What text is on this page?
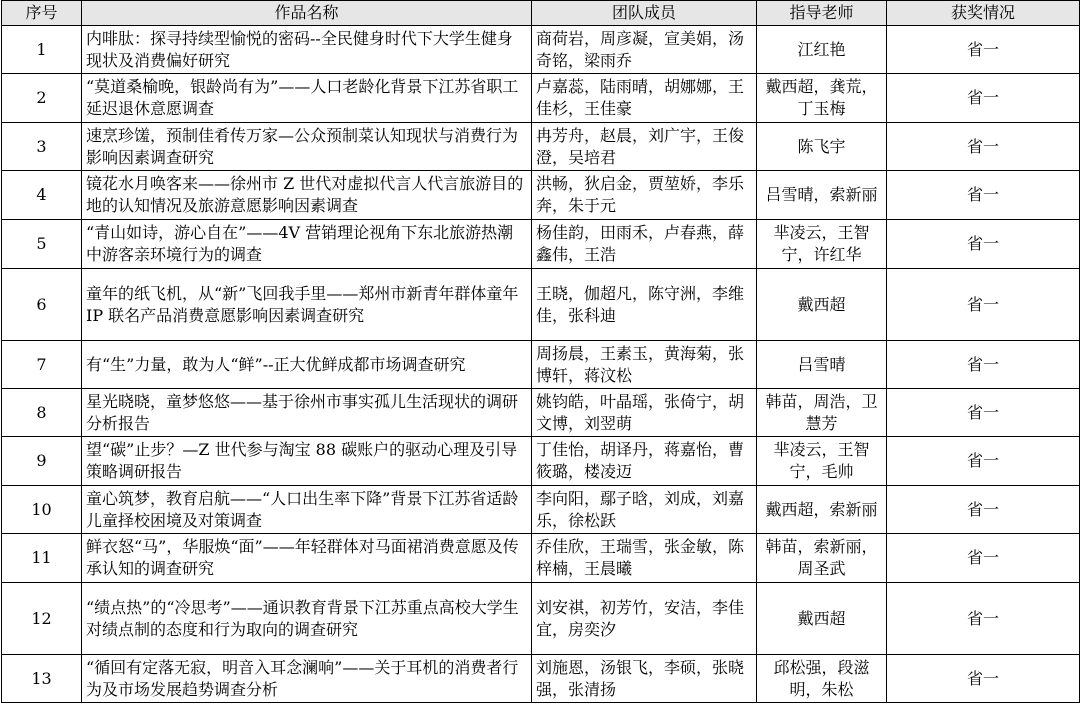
序号	作品名称	团队成员	指导老师	获奖情况
1	内啡肽：探寻持续型愉悦的密码--全民健身时代下大学生健身现状及消费偏好研究	商荷岩，周彦凝，宣美娟，汤奇铭，梁雨乔	江红艳	省一
2	“莫道桑榆晚，银龄尚有为”——人口老龄化背景下江苏省职工延迟退休意愿调查	卢嘉蕊，陆雨晴，胡娜娜，王佳杉，王佳豪	戴西超，龚荒，丁玉梅	省一
3	速烹珍馐，预制佳肴传万家—公众预制菜认知现状与消费行为影响因素调查研究	冉芳舟，赵晨，刘广宇，王俊澄，吴培君	陈飞宇	省一
4	镜花水月唤客来——徐州市 Z 世代对虚拟代言人代言旅游目的地的认知情况及旅游意愿影响因素调查	洪畅，狄启金，贾堃娇，李乐奔，朱于元	吕雪晴，索新丽	省一
5	“青山如诗，游心自在”——4V 营销理论视角下东北旅游热潮中游客亲环境行为的调查	杨佳韵，田雨禾，卢春燕，薛鑫伟，王浩	芈凌云，王智宁，许红华	省一
6	童年的纸飞机，从“新”飞回我手里——郑州市新青年群体童年 IP 联名产品消费意愿影响因素调查研究	王晓，伽超凡，陈守洲，李维佳，张科迪	戴西超	省一
7	有“生”力量，敢为人“鲜”--正大优鲜成都市场调查研究	周扬晨，王素玉，黄海菊，张博轩，蒋汶松	吕雪晴	省一
8	星光晓晓，童梦悠悠——基于徐州市事实孤儿生活现状的调研分析报告	姚钧皓，叶晶瑶，张倚宁，胡文博，刘翌萌	韩苗，周浩，卫慧芳	省一
9	望“碳”止步？—Z 世代参与淘宝 88 碳账户的驱动心理及引导策略调研报告	丁佳怡，胡译丹，蒋嘉怡，曹筱璐，楼凌迈	芈凌云，王智宁，毛帅	省一
10	童心筑梦，教育启航——“人口出生率下降”背景下江苏省适龄儿童择校困境及对策调查	李向阳，鄢子晗，刘成，刘嘉乐，徐松跃	戴西超，索新丽	省一
11	鲜衣怒“马”，华服焕“面”——年轻群体对马面裙消费意愿及传承认知的调查研究	乔佳欣，王瑞雪，张金敏，陈梓楠，王晨曦	韩苗，索新丽，周圣武	省一
12	“绩点热”的“冷思考”——通识教育背景下江苏重点高校大学生对绩点制的态度和行为取向的调查研究	刘安祺，初芳竹，安洁，李佳宜，房奕汐	戴西超	省一
13	“循回有定落无寂，明音入耳念澜响”——关于耳机的消费者行为及市场发展趋势调查分析	刘施恩，汤银飞，李硕，张晓强，张清扬	邱松强，段滋明，朱松	省一
